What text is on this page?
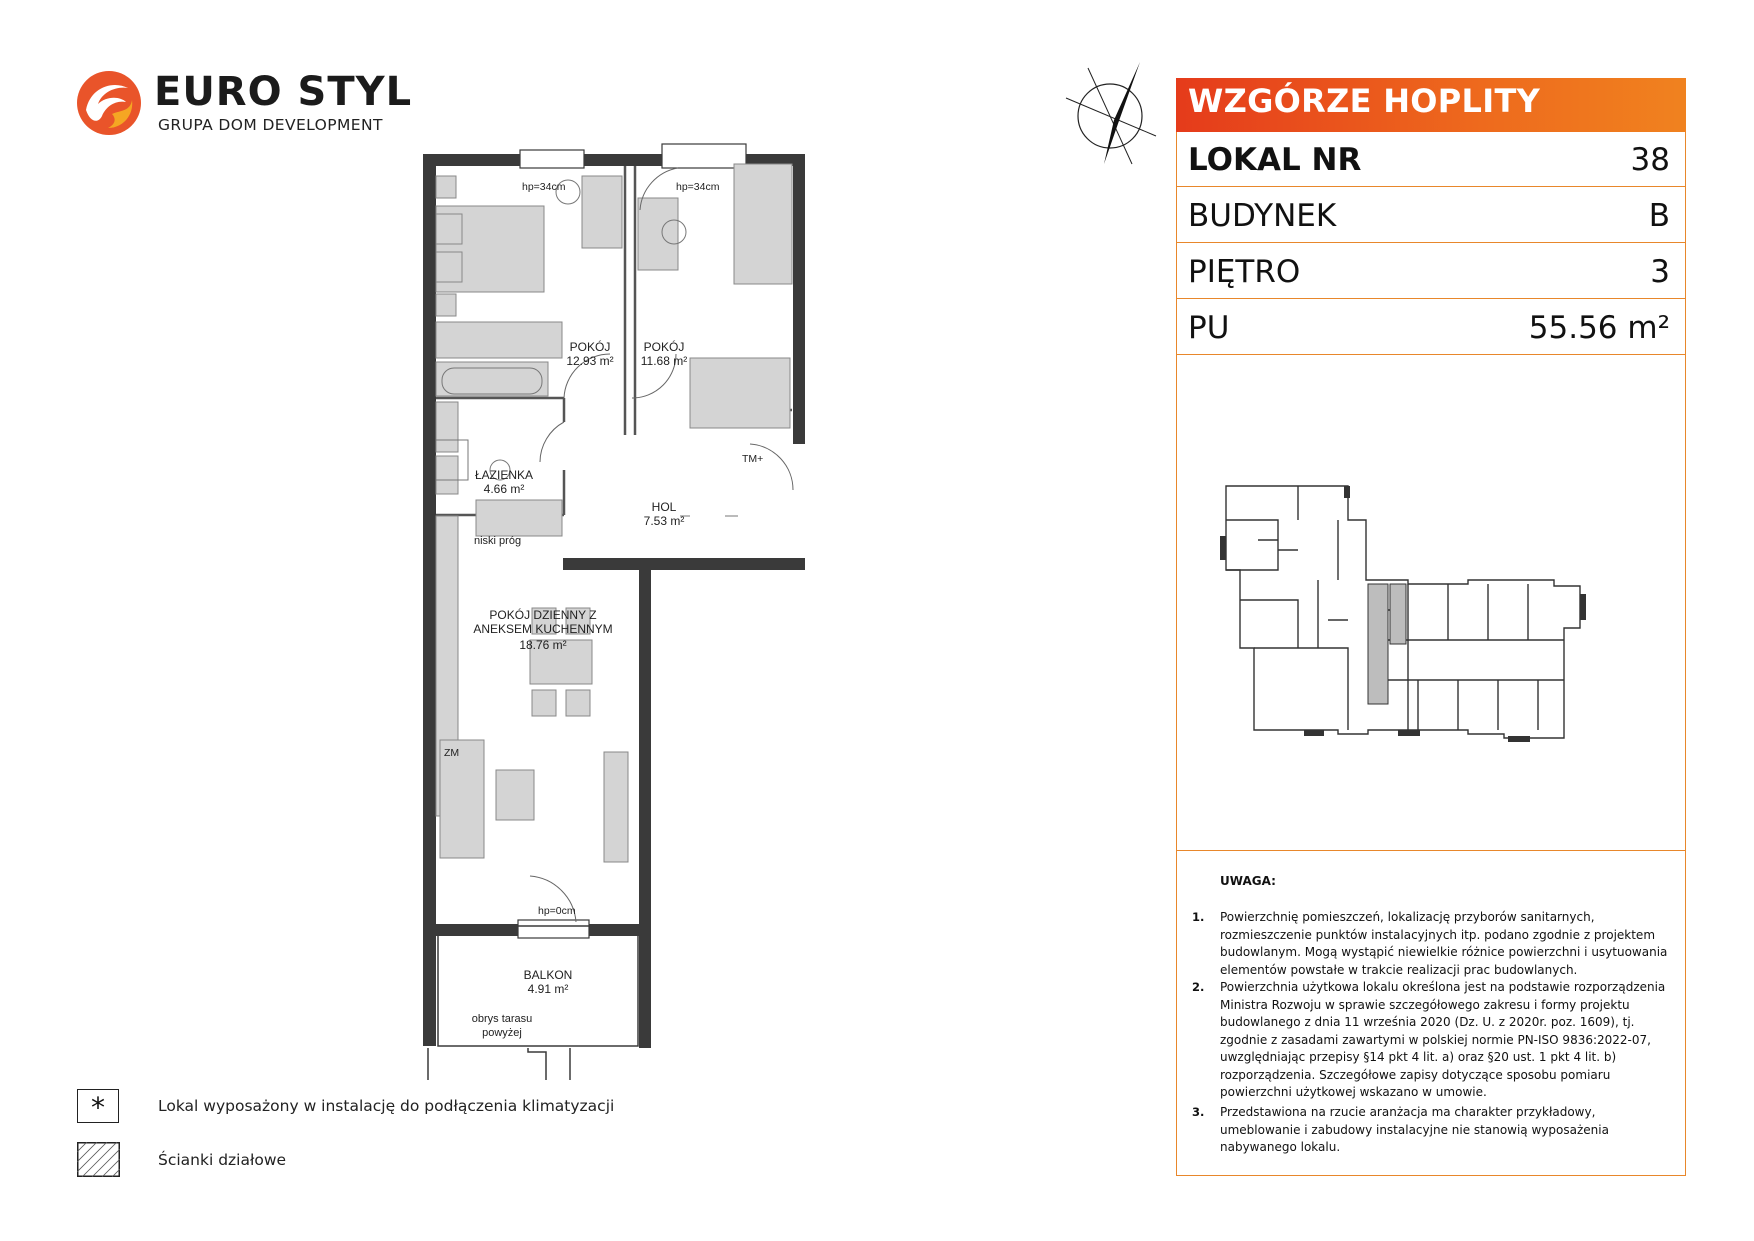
EURO STYL
GRUPA DOM DEVELOPMENT
WZGÓRZE HOPLITY
LOKAL NR	38
BUDYNEK	B
PIĘTRO	3
PU	55.56 m²
UWAGA:
1. Powierzchnię pomieszczeń, lokalizację przyborów sanitarnych, rozmieszczenie punktów instalacyjnych itp. podano zgodnie z projektem budowlanym. Mogą wystąpić niewielkie różnice powierzchni i usytuowania elementów powstałe w trakcie realizacji prac budowlanych.
2. Powierzchnia użytkowa lokalu określona jest na podstawie rozporządzenia Ministra Rozwoju w sprawie szczegółowego zakresu i formy projektu budowlanego z dnia 11 września 2020 (Dz. U. z 2020r. poz. 1609), tj. zgodnie z zasadami zawartymi w polskiej normie PN-ISO 9836:2022-07, uwzględniając przepisy §14 pkt 4 lit. a) oraz §20 ust. 1 pkt 4 lit. b) rozporządzenia. Szczegółowe zapisy dotyczące sposobu pomiaru powierzchni użytkowej wskazano w umowie.
3. Przedstawiona na rzucie aranżacja ma charakter przykładowy, umeblowanie i zabudowy instalacyjne nie stanowią wyposażenia nabywanego lokalu.
*	Lokal wyposażony w instalację do podłączenia klimatyzacji
Ścianki działowe
POKÓJ
12.93 m²
POKÓJ
11.68 m²
ŁAZIENKA
4.66 m²
HOL
7.53 m²
POKÓJ DZIENNY Z ANEKSEM KUCHENNYM
18.76 m²
BALKON
4.91 m²
hp=34cm	hp=34cm
hp=0cm
niski próg
TM+
ZM
obrys tarasu powyżej
